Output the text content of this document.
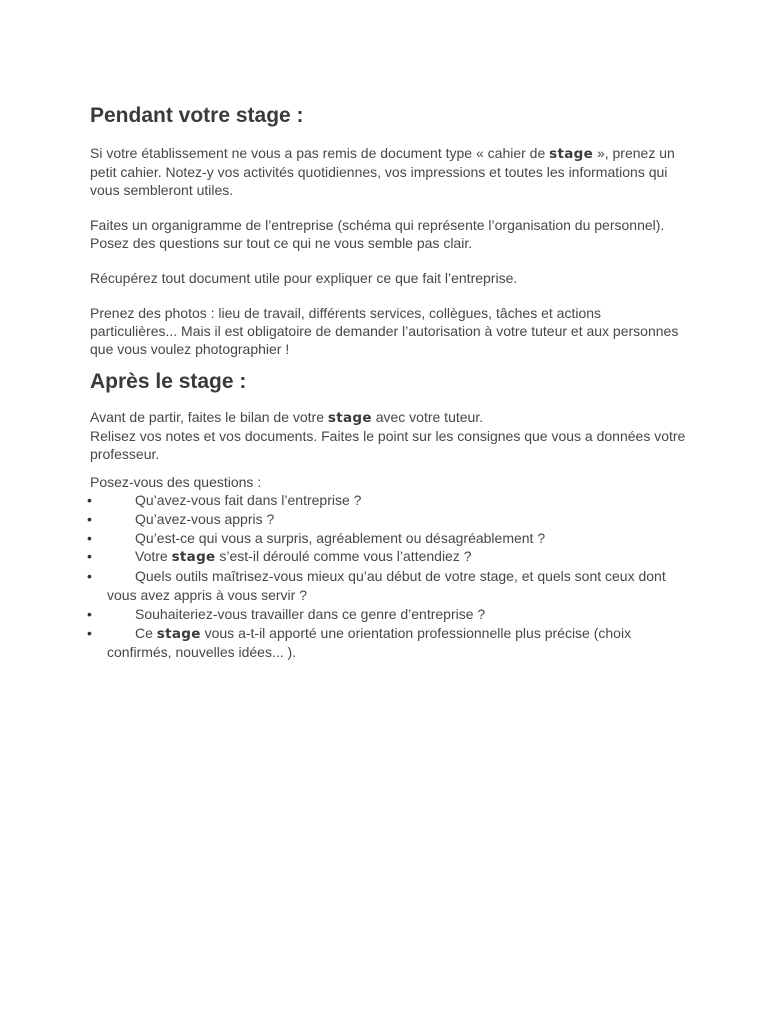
Pendant votre stage :

Si votre établissement ne vous a pas remis de document type « cahier de stage », prenez un petit cahier. Notez-y vos activités quotidiennes, vos impressions et toutes les informations qui vous sembleront utiles.

Faites un organigramme de l’entreprise (schéma qui représente l’organisation du personnel). Posez des questions sur tout ce qui ne vous semble pas clair.

Récupérez tout document utile pour expliquer ce que fait l’entreprise.

Prenez des photos : lieu de travail, différents services, collègues, tâches et actions particulières... Mais il est obligatoire de demander l’autorisation à votre tuteur et aux personnes que vous voulez photographier !

Après le stage :

Avant de partir, faites le bilan de votre stage avec votre tuteur.

Relisez vos notes et vos documents. Faites le point sur les consignes que vous a données votre professeur.

Posez-vous des questions :

•	Qu’avez-vous fait dans l’entreprise ?
•	Qu’avez-vous appris ?
•	Qu’est-ce qui vous a surpris, agréablement ou désagréablement ?
•	Votre stage s’est-il déroulé comme vous l’attendiez ?
•	Quels outils maîtrisez-vous mieux qu’au début de votre stage, et quels sont ceux dont vous avez appris à vous servir ?
•	Souhaiteriez-vous travailler dans ce genre d’entreprise ?
•	Ce stage vous a-t-il apporté une orientation professionnelle plus précise (choix confirmés, nouvelles idées... ).
